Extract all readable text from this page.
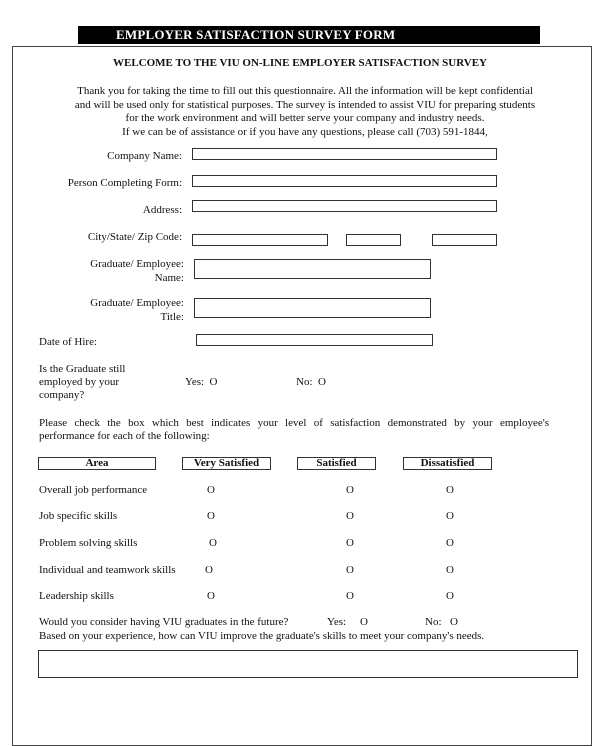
EMPLOYER SATISFACTION SURVEY FORM
WELCOME TO THE VIU ON-LINE EMPLOYER SATISFACTION SURVEY
Thank you for taking the time to fill out this questionnaire. All the information will be kept confidential
and will be used only for statistical purposes. The survey is intended to assist VIU for preparing students
for the work environment and will better serve your company and industry needs.
If we can be of assistance or if you have any questions, please call (703) 591-1844,
Company Name:
Person Completing Form:
Address:
City/State/ Zip Code:
Graduate/ Employee:
Name:
Graduate/ Employee:
Title:
Date of Hire:
Is the Graduate still
employed by your
company?
Yes:  O	No:  O
Please check the box which best indicates your level of satisfaction demonstrated by your employee's
performance for each of the following:
Area	Very Satisfied	Satisfied	Dissatisfied
Overall job performance	O	O	O
Job specific skills	O	O	O
Problem solving skills	O	O	O
Individual and teamwork skills	O	O	O
Leadership skills	O	O	O
Would you consider having VIU graduates in the future?	Yes: O	No: O
Based on your experience, how can VIU improve the graduate's skills to meet your company's needs.
